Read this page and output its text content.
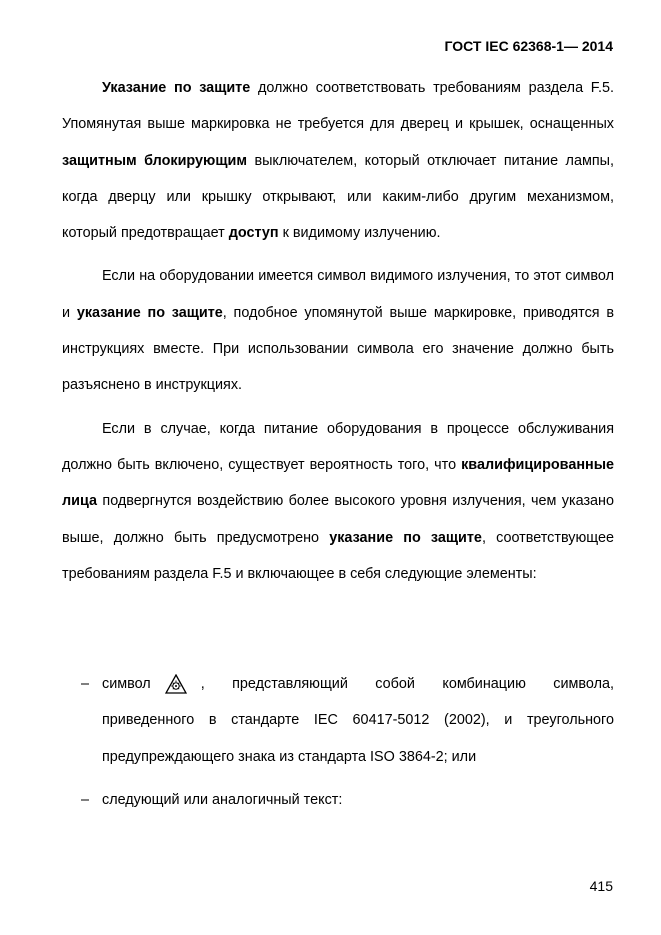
ГОСТ IEC 62368-1— 2014

Указание по защите должно соответствовать требованиям раздела F.5. Упомянутая выше маркировка не требуется для дверец и крышек, оснащенных защитным блокирующим выключателем, который отключает питание лампы, когда дверцу или крышку открывают, или каким-либо другим механизмом, который предотвращает доступ к видимому излучению.

Если на оборудовании имеется символ видимого излучения, то этот символ и указание по защите, подобное упомянутой выше маркировке, приводятся в инструкциях вместе. При использовании символа его значение должно быть разъяснено в инструкциях.

Если в случае, когда питание оборудования в процессе обслуживания должно быть включено, существует вероятность того, что квалифицированные лица подвергнутся воздействию более высокого уровня излучения, чем указано выше, должно быть предусмотрено указание по защите, соответствующее требованиям раздела F.5 и включающее в себя следующие элементы:

– символ	, представляющий собой комбинацию символа, приведенного в стандарте IEC 60417-5012 (2002), и треугольного предупреждающего знака из стандарта ISO 3864-2; или
– следующий или аналогичный текст:
415
